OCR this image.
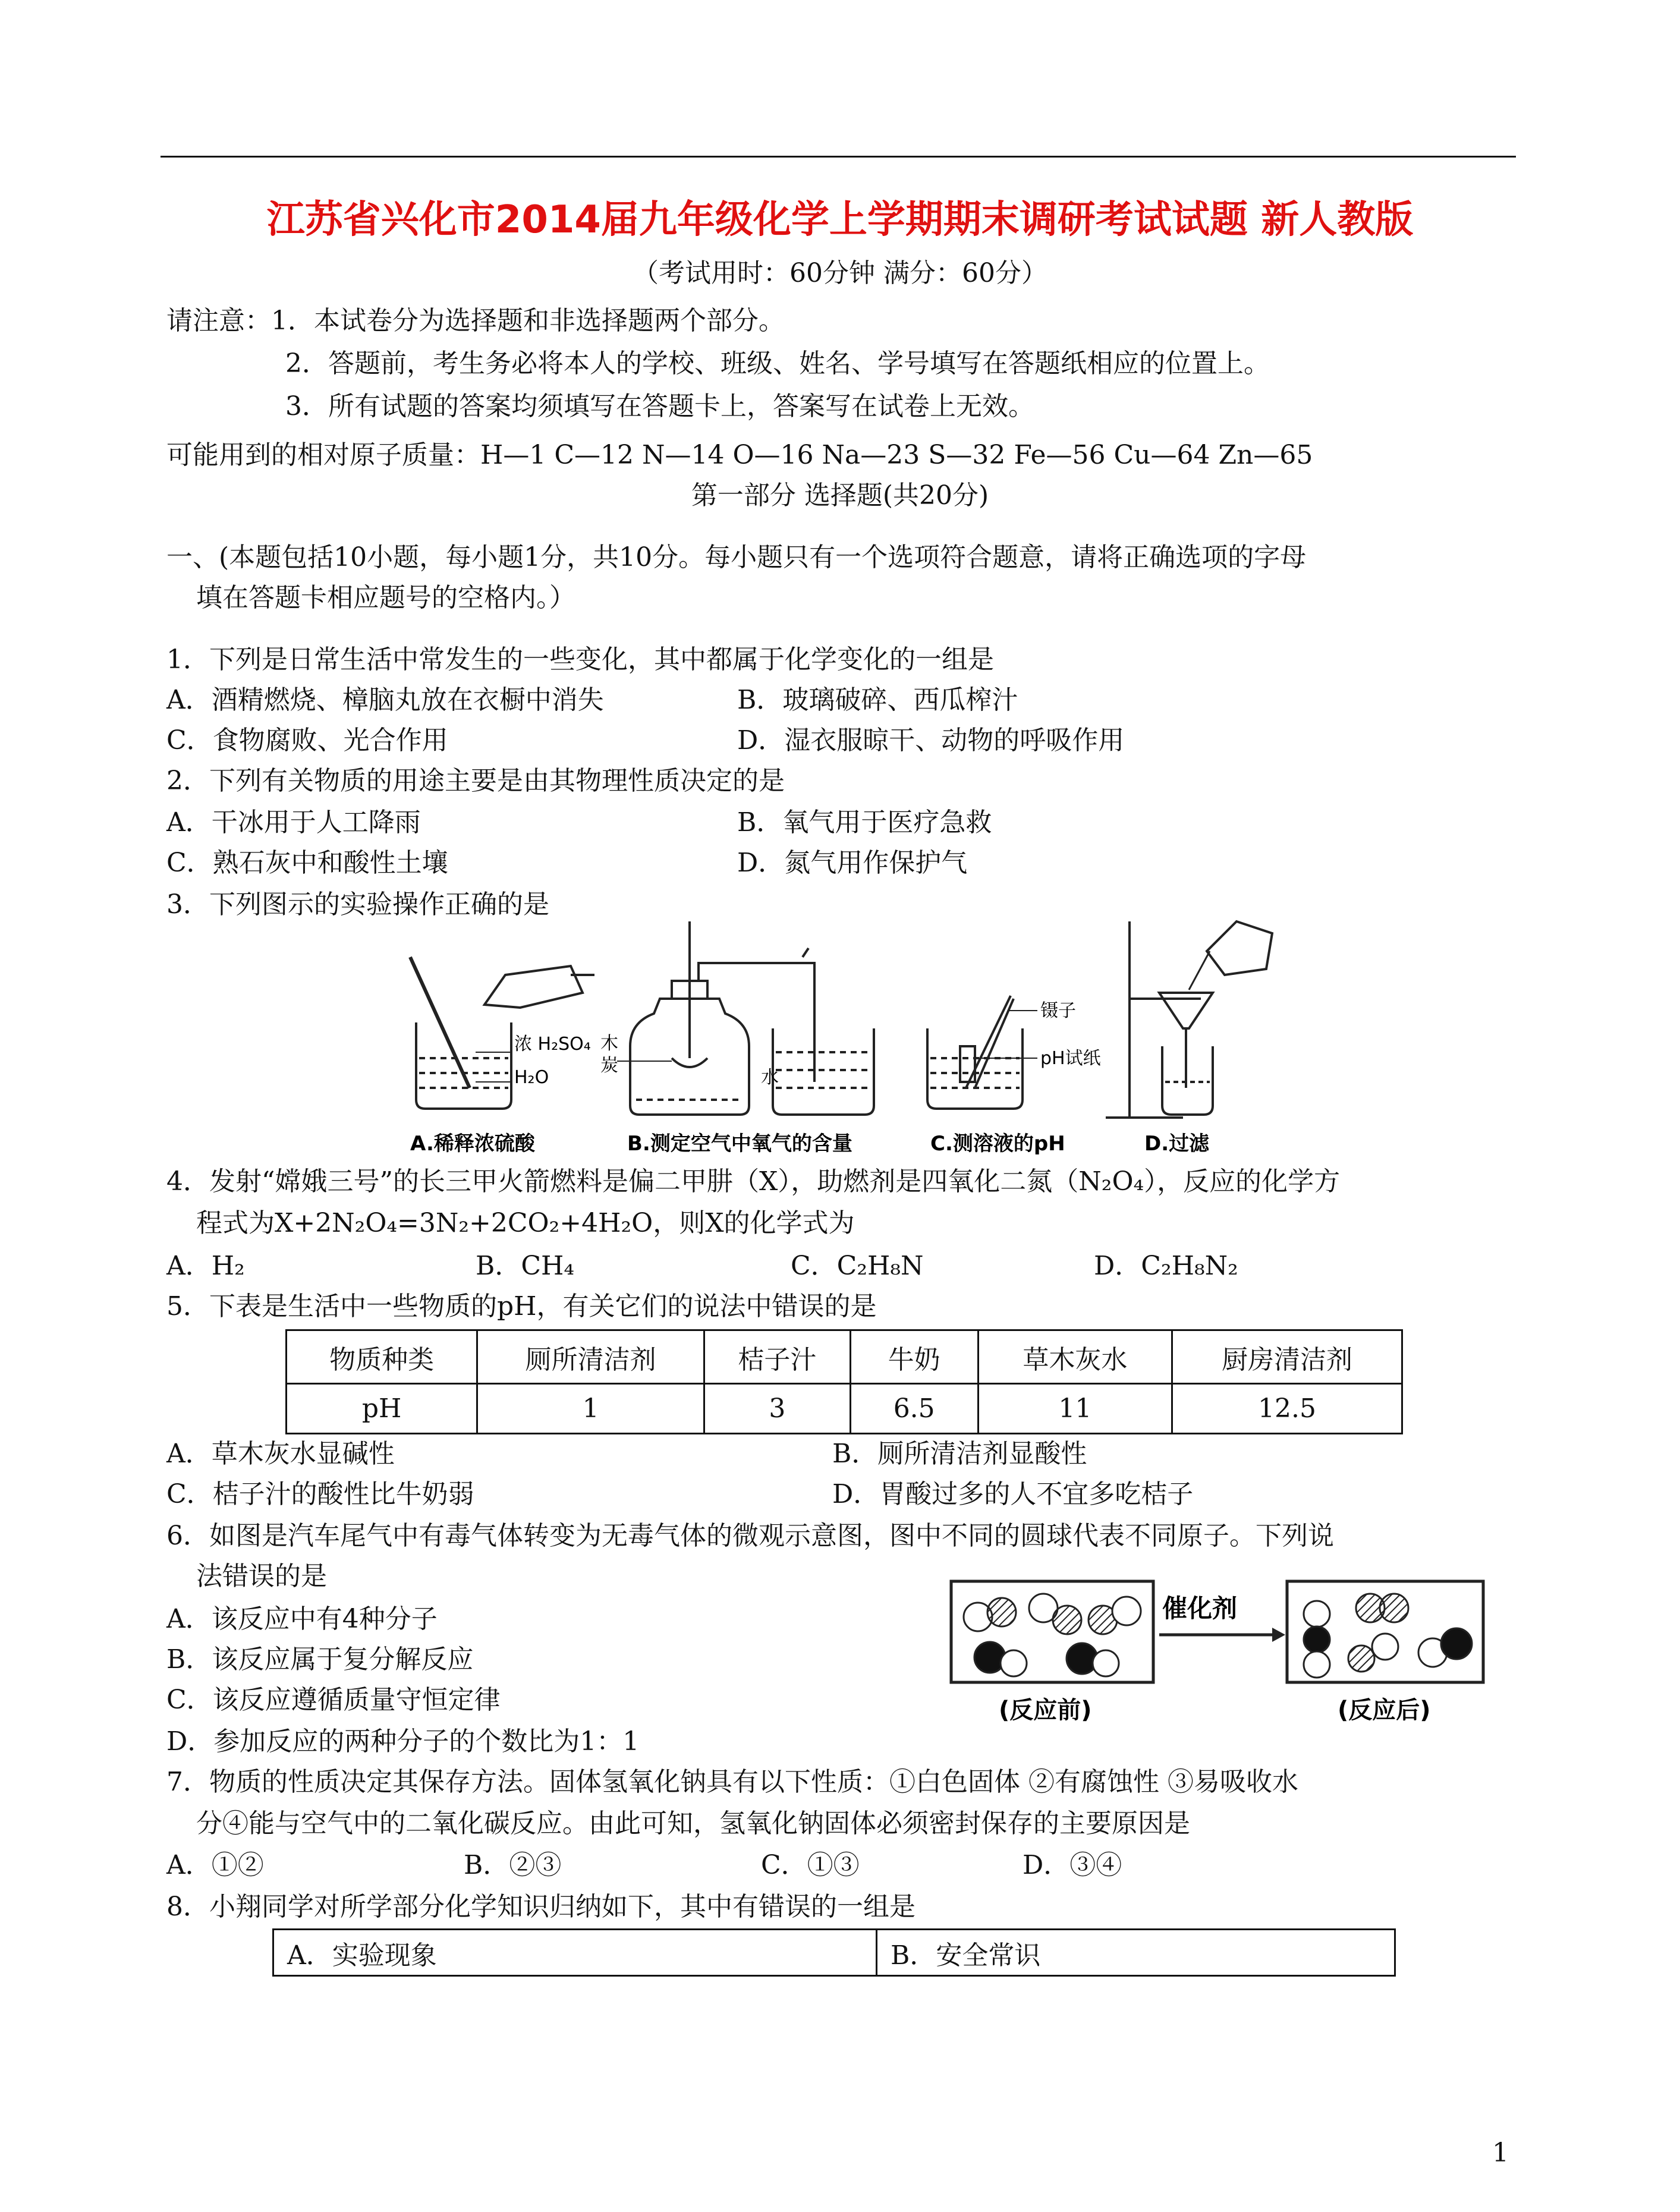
江苏省兴化市2014届九年级化学上学期期末调研考试试题 新人教版
（考试用时：60分钟 满分：60分）
请注意：1．本试卷分为选择题和非选择题两个部分。
2．答题前，考生务必将本人的学校、班级、姓名、学号填写在答题纸相应的位置上。
3．所有试题的答案均须填写在答题卡上，答案写在试卷上无效。
可能用到的相对原子质量：H—1 C—12 N—14 O—16 Na—23 S—32 Fe—56 Cu—64 Zn—65
第一部分 选择题(共20分)
一、(本题包括10小题，每小题1分，共10分。每小题只有一个选项符合题意，请将正确选项的字母
填在答题卡相应题号的空格内。）
1．下列是日常生活中常发生的一些变化，其中都属于化学变化的一组是
A．酒精燃烧、樟脑丸放在衣橱中消失	B．玻璃破碎、西瓜榨汁
C．食物腐败、光合作用	D．湿衣服晾干、动物的呼吸作用
2．下列有关物质的用途主要是由其物理性质决定的是
A．干冰用于人工降雨	B．氧气用于医疗急救
C．熟石灰中和酸性土壤	D．氮气用作保护气
3．下列图示的实验操作正确的是
浓 H₂SO₄
H₂O
A.稀释浓硫酸
木
炭
水
B.测定空气中氧气的含量
镊子
pH试纸
C.测溶液的pH	D.过滤
4．发射“嫦娥三号”的长三甲火箭燃料是偏二甲肼（X），助燃剂是四氧化二氮（N₂O₄），反应的化学方
程式为X+2N₂O₄=3N₂+2CO₂+4H₂O，则X的化学式为
A．H₂	B．CH₄	C．C₂H₈N	D．C₂H₈N₂
5．下表是生活中一些物质的pH，有关它们的说法中错误的是
物质种类	厕所清洁剂	桔子汁	牛奶	草木灰水	厨房清洁剂
pH	1	3	6.5	11	12.5
A．草木灰水显碱性	B．厕所清洁剂显酸性
C．桔子汁的酸性比牛奶弱	D．胃酸过多的人不宜多吃桔子
6．如图是汽车尾气中有毒气体转变为无毒气体的微观示意图，图中不同的圆球代表不同原子。下列说
法错误的是
A．该反应中有4种分子
B．该反应属于复分解反应
C．该反应遵循质量守恒定律
D．参加反应的两种分子的个数比为1：1
催化剂
(反应前)	(反应后)
7．物质的性质决定其保存方法。固体氢氧化钠具有以下性质：①白色固体 ②有腐蚀性 ③易吸收水
分④能与空气中的二氧化碳反应。由此可知，氢氧化钠固体必须密封保存的主要原因是
A．①②	B．②③	C．①③	D．③④
8．小翔同学对所学部分化学知识归纳如下，其中有错误的一组是
A．实验现象	B．安全常识
1
